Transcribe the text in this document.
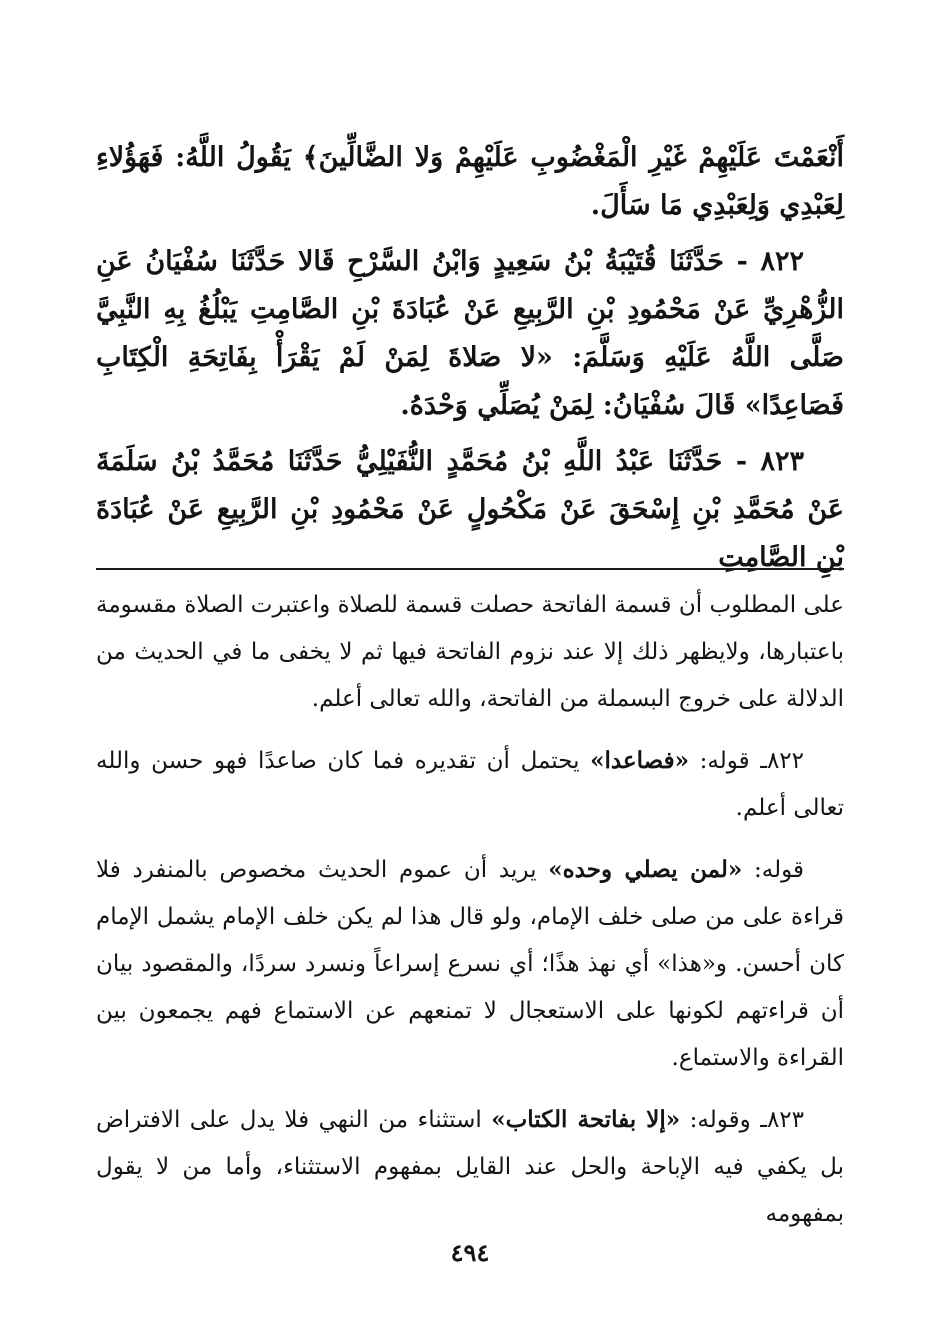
أَنْعَمْتَ عَلَيْهِمْ غَيْرِ الْمَغْضُوبِ عَلَيْهِمْ وَلا الضَّالِّينَ﴾ يَقُولُ اللَّهُ: فَهَؤُلاءِ لِعَبْدِي وَلِعَبْدِي مَا سَأَلَ.

٨٢٢ - حَدَّثَنَا قُتَيْبَةُ بْنُ سَعِيدٍ وَابْنُ السَّرْحِ قَالا حَدَّثَنَا سُفْيَانُ عَنِ الزُّهْرِيِّ عَنْ مَحْمُودِ بْنِ الرَّبِيعِ عَنْ عُبَادَةَ بْنِ الصَّامِتِ يَبْلُغُ بِهِ النَّبِيَّ صَلَّى اللَّهُ عَلَيْهِ وَسَلَّمَ: «لا صَلاةَ لِمَنْ لَمْ يَقْرَأْ بِفَاتِحَةِ الْكِتَابِ فَصَاعِدًا» قَالَ سُفْيَانُ: لِمَنْ يُصَلِّي وَحْدَهُ.

٨٢٣ - حَدَّثَنَا عَبْدُ اللَّهِ بْنُ مُحَمَّدٍ النُّفَيْلِيُّ حَدَّثَنَا مُحَمَّدُ بْنُ سَلَمَةَ عَنْ مُحَمَّدِ بْنِ إِسْحَقَ عَنْ مَكْحُولٍ عَنْ مَحْمُودِ بْنِ الرَّبِيعِ عَنْ عُبَادَةَ بْنِ الصَّامِتِ

على المطلوب أن قسمة الفاتحة حصلت قسمة للصلاة واعتبرت الصلاة مقسومة باعتبارها، ولايظهر ذلك إلا عند نزوم الفاتحة فيها ثم لا يخفى ما في الحديث من الدلالة على خروج البسملة من الفاتحة، والله تعالى أعلم.

٨٢٢ـ قوله: «فصاعدا» يحتمل أن تقديره فما كان صاعدًا فهو حسن والله تعالى أعلم.

قوله: «لمن يصلي وحده» يريد أن عموم الحديث مخصوص بالمنفرد فلا قراءة على من صلى خلف الإمام، ولو قال هذا لم يكن خلف الإمام يشمل الإمام كان أحسن. و«هذا» أي نهذ هذًا؛ أي نسرع إسراعاً ونسرد سردًا، والمقصود بيان أن قراءتهم لكونها على الاستعجال لا تمنعهم عن الاستماع فهم يجمعون بين القراءة والاستماع.

٨٢٣ـ وقوله: «إلا بفاتحة الكتاب» استثناء من النهي فلا يدل على الافتراض بل يكفي فيه الإباحة والحل عند القايل بمفهوم الاستثناء، وأما من لا يقول بمفهومه

٤٩٤
